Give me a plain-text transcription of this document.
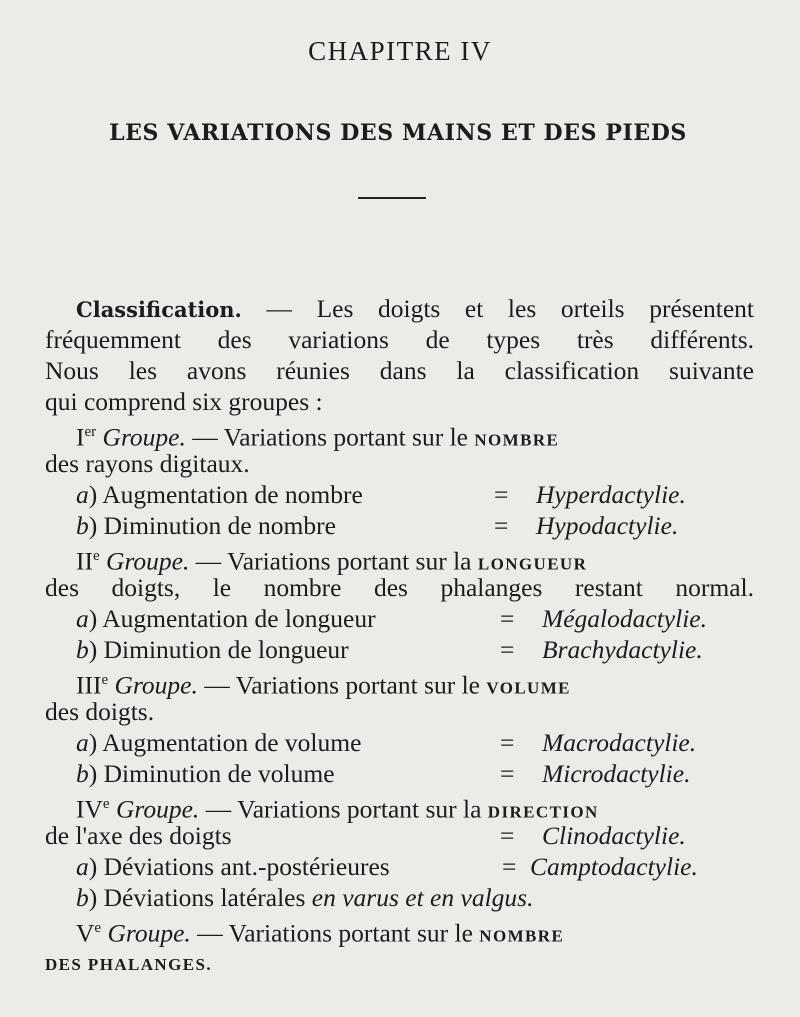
CHAPITRE IV
LES VARIATIONS DES MAINS ET DES PIEDS
Classification. — Les doigts et les orteils présentent
fréquemment des variations de types très différents.
Nous les avons réunies dans la classification suivante
qui comprend six groupes :
Ier Groupe. — Variations portant sur le NOMBRE
des rayons digitaux.
a) Augmentation de nombre	= Hyperdactylie.
b) Diminution de nombre	= Hypodactylie.
IIe Groupe. — Variations portant sur la LONGUEUR
des doigts, le nombre des phalanges restant normal.
a) Augmentation de longueur	= Mégalodactylie.
b) Diminution de longueur	= Brachydactylie.
IIIe Groupe. — Variations portant sur le VOLUME
des doigts.
a) Augmentation de volume	= Macrodactylie.
b) Diminution de volume	= Microdactylie.
IVe Groupe. — Variations portant sur la DIRECTION
de l'axe des doigts	= Clinodactylie.
a) Déviations ant.-postérieures	= Camptodactylie.
b) Déviations latérales en varus et en valgus.
Ve Groupe. — Variations portant sur le NOMBRE
DES PHALANGES.
